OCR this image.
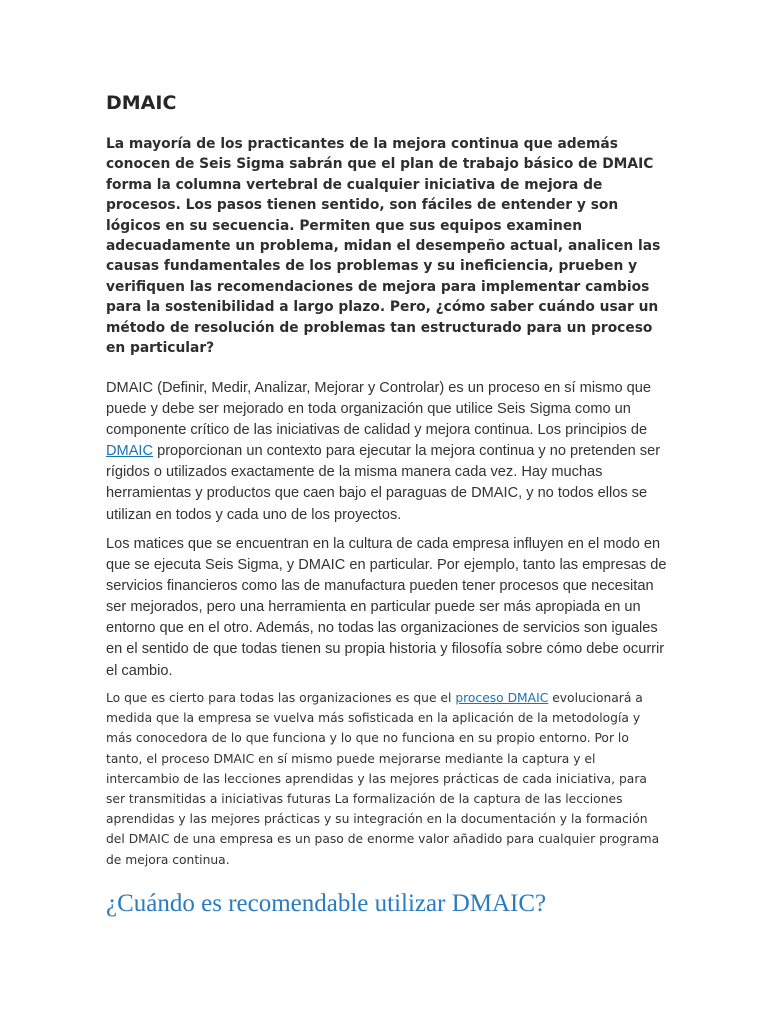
DMAIC

La mayoría de los practicantes de la mejora continua que además conocen de Seis Sigma sabrán que el plan de trabajo básico de DMAIC forma la columna vertebral de cualquier iniciativa de mejora de procesos. Los pasos tienen sentido, son fáciles de entender y son lógicos en su secuencia. Permiten que sus equipos examinen adecuadamente un problema, midan el desempeño actual, analicen las causas fundamentales de los problemas y su ineficiencia, prueben y verifiquen las recomendaciones de mejora para implementar cambios para la sostenibilidad a largo plazo. Pero, ¿cómo saber cuándo usar un método de resolución de problemas tan estructurado para un proceso en particular?

DMAIC (Definir, Medir, Analizar, Mejorar y Controlar) es un proceso en sí mismo que puede y debe ser mejorado en toda organización que utilice Seis Sigma como un componente crítico de las iniciativas de calidad y mejora continua. Los principios de DMAIC proporcionan un contexto para ejecutar la mejora continua y no pretenden ser rígidos o utilizados exactamente de la misma manera cada vez. Hay muchas herramientas y productos que caen bajo el paraguas de DMAIC, y no todos ellos se utilizan en todos y cada uno de los proyectos.

Los matices que se encuentran en la cultura de cada empresa influyen en el modo en que se ejecuta Seis Sigma, y DMAIC en particular. Por ejemplo, tanto las empresas de servicios financieros como las de manufactura pueden tener procesos que necesitan ser mejorados, pero una herramienta en particular puede ser más apropiada en un entorno que en el otro. Además, no todas las organizaciones de servicios son iguales en el sentido de que todas tienen su propia historia y filosofía sobre cómo debe ocurrir el cambio.

Lo que es cierto para todas las organizaciones es que el proceso DMAIC evolucionará a medida que la empresa se vuelva más sofisticada en la aplicación de la metodología y más conocedora de lo que funciona y lo que no funciona en su propio entorno. Por lo tanto, el proceso DMAIC en sí mismo puede mejorarse mediante la captura y el intercambio de las lecciones aprendidas y las mejores prácticas de cada iniciativa, para ser transmitidas a iniciativas futuras La formalización de la captura de las lecciones aprendidas y las mejores prácticas y su integración en la documentación y la formación del DMAIC de una empresa es un paso de enorme valor añadido para cualquier programa de mejora continua.

¿Cuándo es recomendable utilizar DMAIC?
